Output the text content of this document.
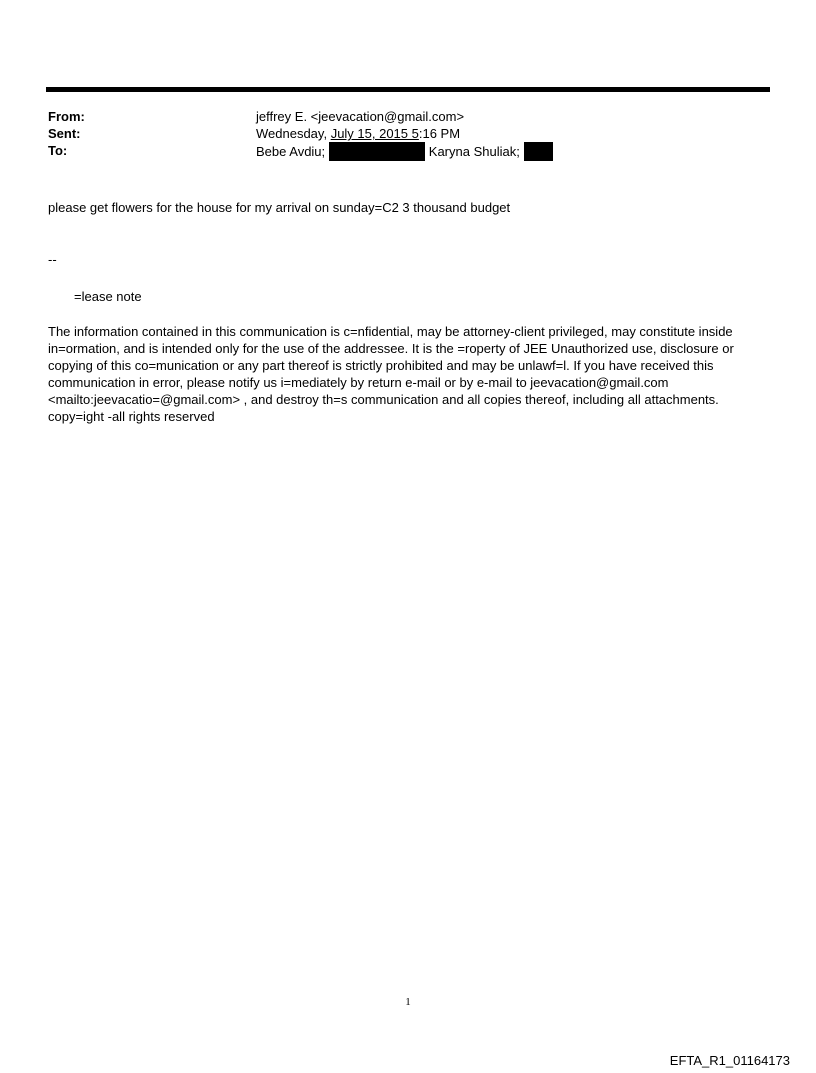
From:	jeffrey E. <jeevacation@gmail.com>
Sent:	Wednesday, July 15, 2015 5:16 PM
To:	Bebe Avdiu;	Karyna Shuliak;
please get flowers for the house for my arrival on sunday=C2 3 thousand budget
--
=lease note
The information contained in this communication is c=nfidential, may be attorney-client privileged, may constitute inside in=ormation, and is intended only for the use of the addressee. It is the =roperty of JEE Unauthorized use, disclosure or copying of this co=munication or any part thereof is strictly prohibited and may be unlawf=l. If you have received this communication in error, please notify us i=mediately by return e-mail or by e-mail to jeevacation@gmail.com <mailto:jeevacatio=@gmail.com> , and destroy th=s communication and all copies thereof, including all attachments. copy=ight -all rights reserved
1
EFTA_R1_01164173
